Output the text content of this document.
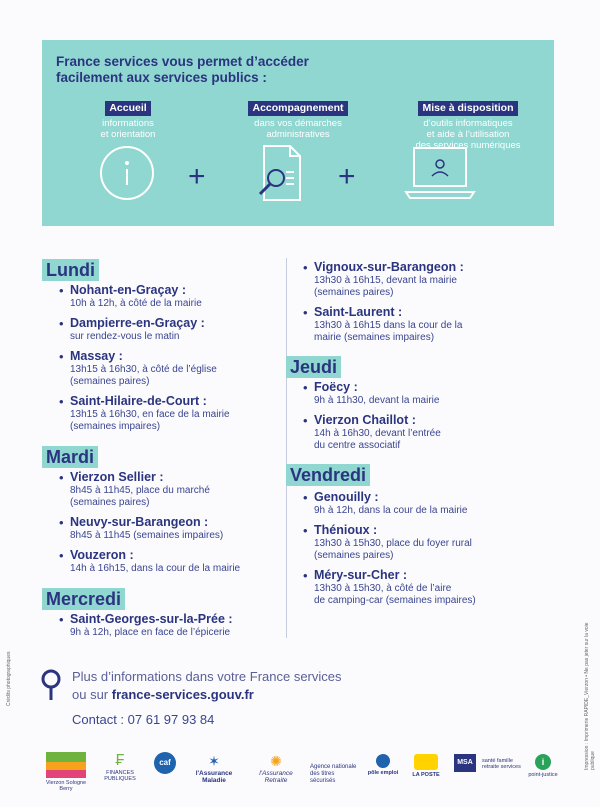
France services vous permet d’accéder
facilement aux services publics :

Accueil
informations
et orientation
Accompagnement
dans vos démarches
administratives
Mise à disposition
d’outils informatiques
et aide à l’utilisation
des services numériques
+	+
Lundi
• Nohant-en-Graçay :
10h à 12h, à côté de la mairie
• Dampierre-en-Graçay :
sur rendez-vous le matin
• Massay :
13h15 à 16h30, à côté de l’église
(semaines paires)
• Saint-Hilaire-de-Court :
13h15 à 16h30, en face de la mairie
(semaines impaires)
Mardi
• Vierzon Sellier :
8h45 à 11h45, place du marché
(semaines paires)
• Neuvy-sur-Barangeon :
8h45 à 11h45 (semaines impaires)
• Vouzeron :
14h à 16h15, dans la cour de la mairie
Mercredi
• Saint-Georges-sur-la-Prée :
9h à 12h, place en face de l’épicerie
• Vignoux-sur-Barangeon :
13h30 à 16h15, devant la mairie
(semaines paires)
• Saint-Laurent :
13h30 à 16h15 dans la cour de la
mairie (semaines impaires)
Jeudi
• Foëcy :
9h à 11h30, devant la mairie
• Vierzon Chaillot :
14h à 16h30, devant l’entrée
du centre associatif
Vendredi
• Genouilly :
9h à 12h, dans la cour de la mairie
• Thénioux :
13h30 à 15h30, place du foyer rural
(semaines paires)
• Méry-sur-Cher :
13h30 à 15h30, à côté de l’aire
de camping-car (semaines impaires)
Plus d’informations dans votre France services
ou sur france-services.gouv.fr
Contact : 07 61 97 93 84
Crédits photographiques	Impression : Imprimerie RAPIDE_Vierzon • Ne pas jeter sur la voie publique
Vierzon Sologne Berry
₣
FINANCES PUBLIQUES
caf	✶
l'Assurance Maladie
✺
l'Assurance Retraite
Agence nationale des titres sécurisés
pôle emploi	LA POSTE
MSA	santé famille retraite services	i
point-justice
